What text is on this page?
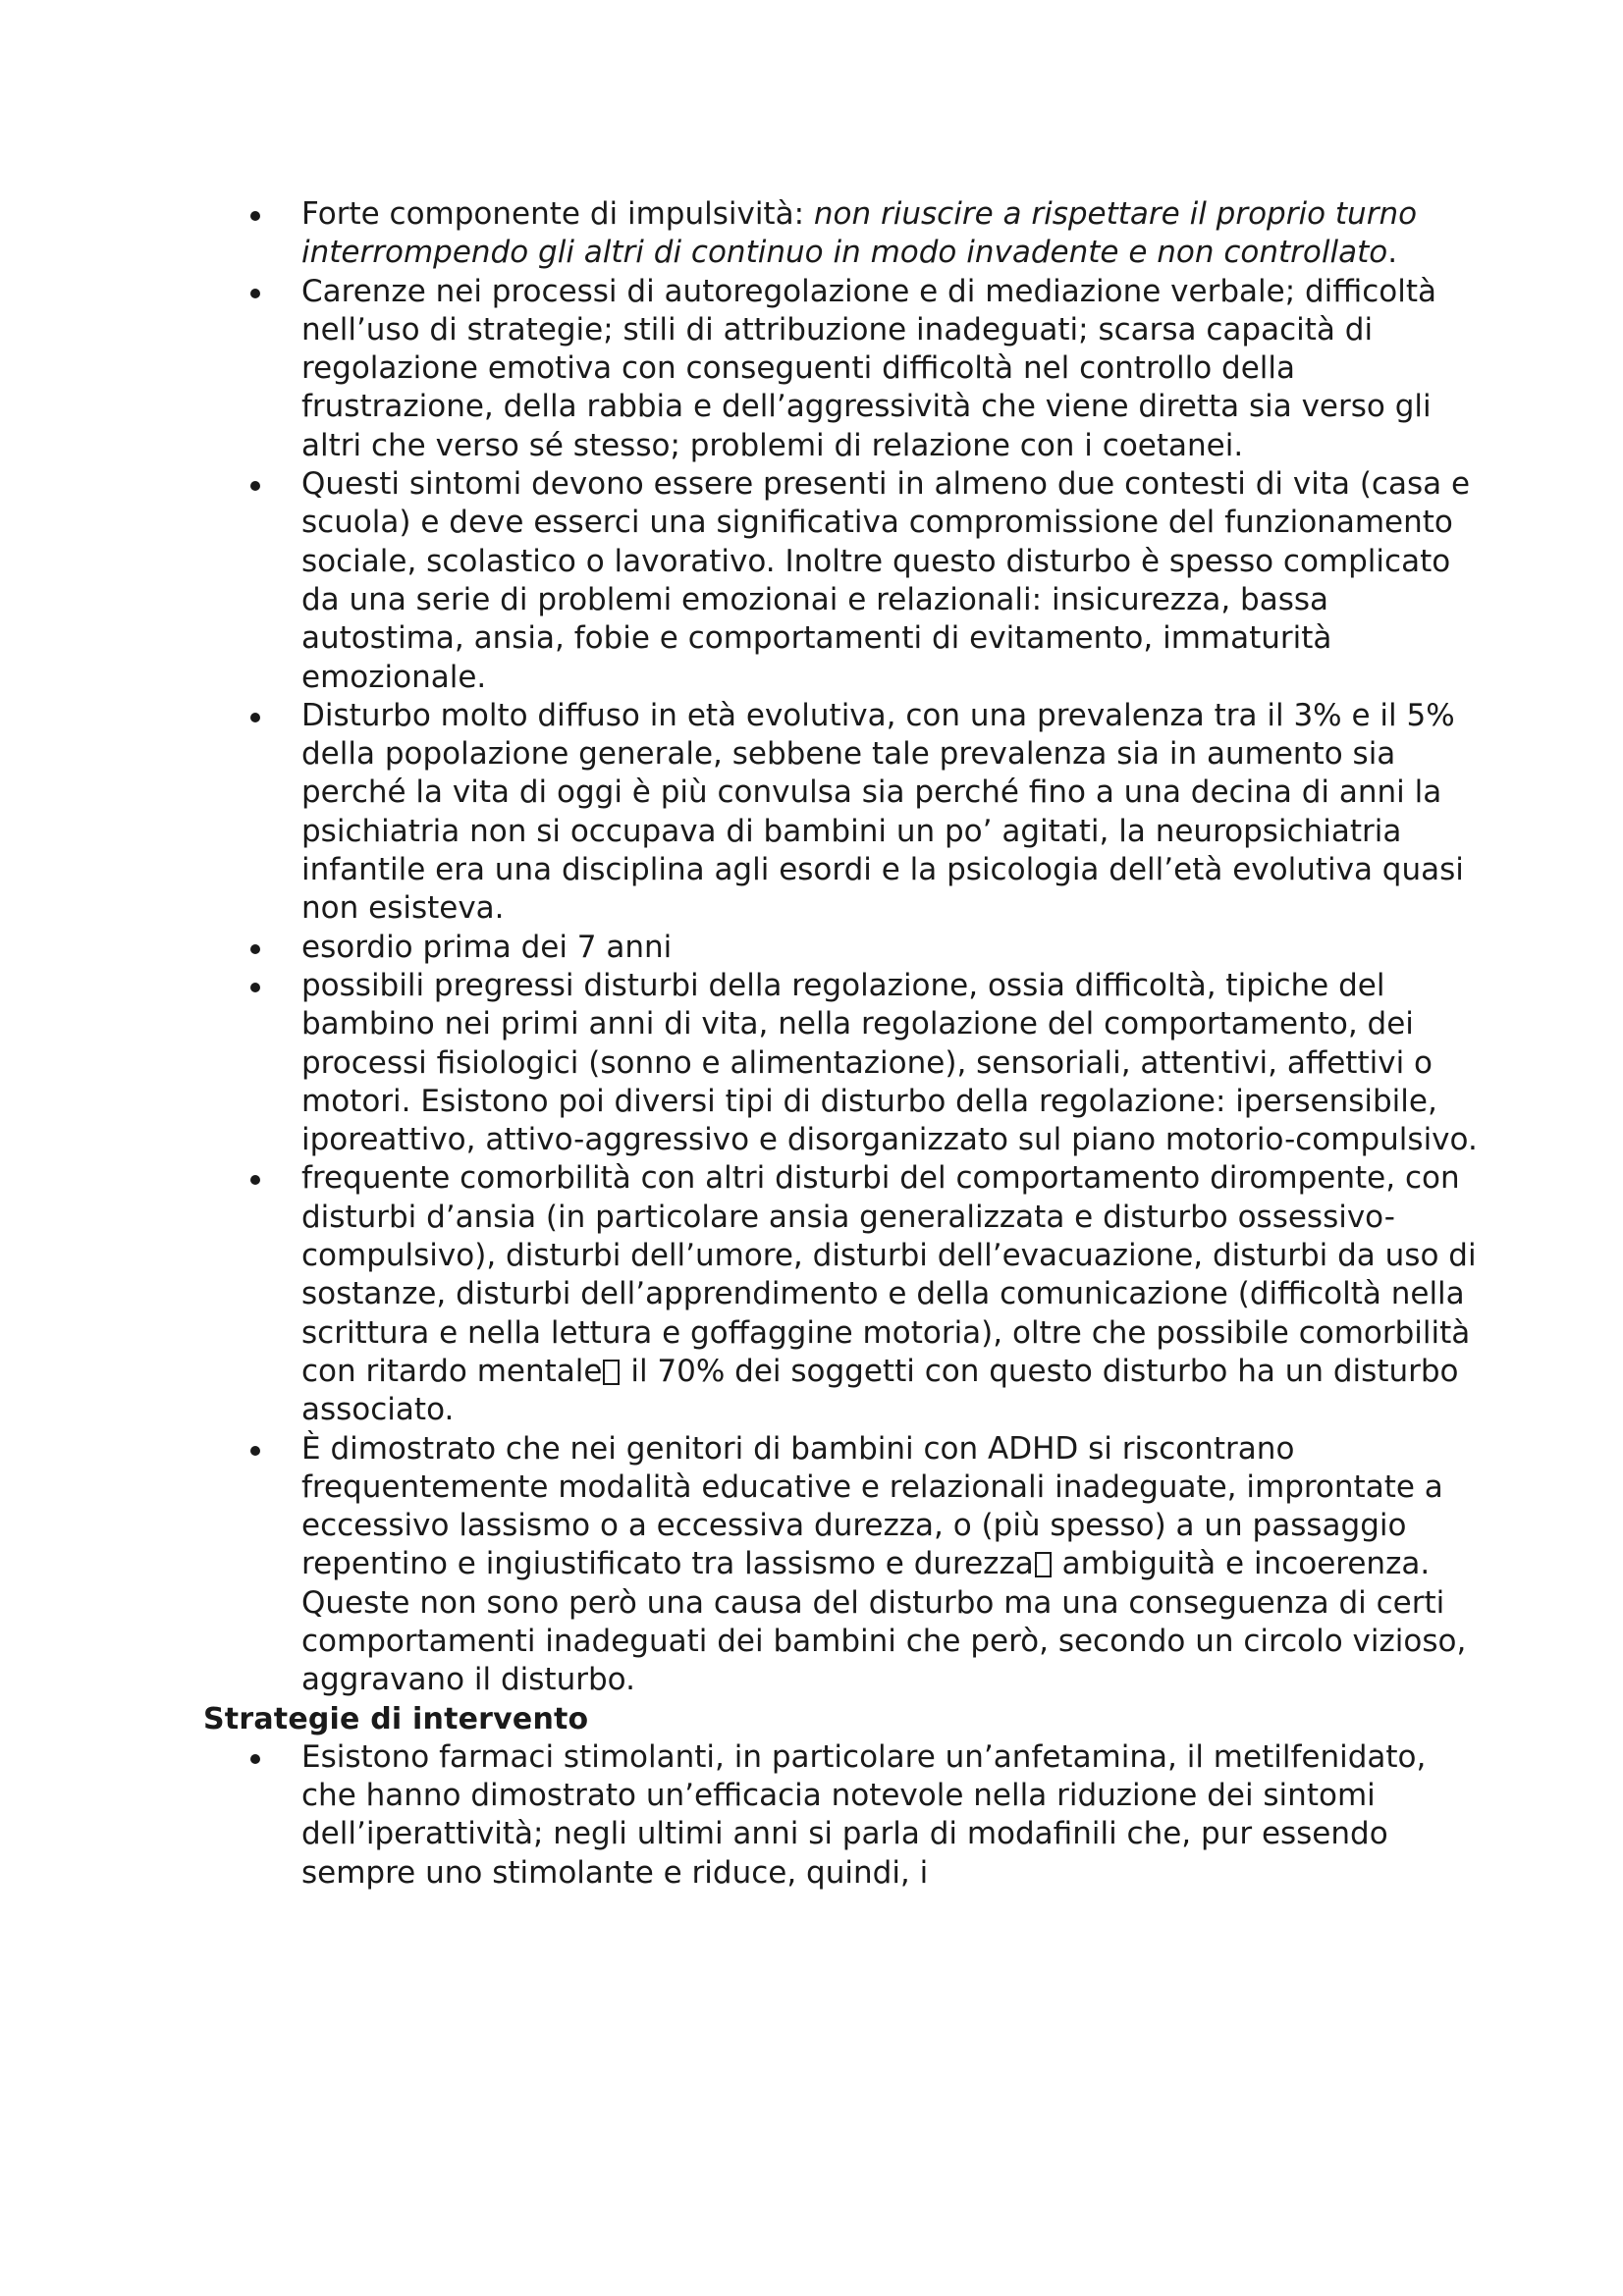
Forte componente di impulsività: non riuscire a rispettare il proprio turno interrompendo gli altri di continuo in modo invadente e non controllato.
Carenze nei processi di autoregolazione e di mediazione verbale; difficoltà nell’uso di strategie; stili di attribuzione inadeguati; scarsa capacità di regolazione emotiva con conseguenti difficoltà nel controllo della frustrazione, della rabbia e dell’aggressività che viene diretta sia verso gli altri che verso sé stesso; problemi di relazione con i coetanei.
Questi sintomi devono essere presenti in almeno due contesti di vita (casa e scuola) e deve esserci una significativa compromissione del funzionamento sociale, scolastico o lavorativo. Inoltre questo disturbo è spesso complicato da una serie di problemi emozionai e relazionali: insicurezza, bassa autostima, ansia, fobie e comportamenti di evitamento, immaturità emozionale.
Disturbo molto diffuso in età evolutiva, con una prevalenza tra il 3% e il 5% della popolazione generale, sebbene tale prevalenza sia in aumento sia perché la vita di oggi è più convulsa sia perché fino a una decina di anni la psichiatria non si occupava di bambini un po’ agitati, la neuropsichiatria infantile era una disciplina agli esordi e la psicologia dell’età evolutiva quasi non esisteva.
esordio prima dei 7 anni
possibili pregressi disturbi della regolazione, ossia difficoltà, tipiche del bambino nei primi anni di vita, nella regolazione del comportamento, dei processi fisiologici (sonno e alimentazione), sensoriali, attentivi, affettivi o motori. Esistono poi diversi tipi di disturbo della regolazione: ipersensibile, iporeattivo, attivo-aggressivo e disorganizzato sul piano motorio-compulsivo.
frequente comorbilità con altri disturbi del comportamento dirompente, con disturbi d’ansia (in particolare ansia generalizzata e disturbo ossessivo-compulsivo), disturbi dell’umore, disturbi dell’evacuazione, disturbi da uso di sostanze, disturbi dell’apprendimento e della comunicazione (difficoltà nella scrittura e nella lettura e goffaggine motoria), oltre che possibile comorbilità con ritardo mentale il 70% dei soggetti con questo disturbo ha un disturbo associato.
È dimostrato che nei genitori di bambini con ADHD si riscontrano frequentemente modalità educative e relazionali inadeguate, improntate a eccessivo lassismo o a eccessiva durezza, o (più spesso) a un passaggio repentino e ingiustificato tra lassismo e durezza ambiguità e incoerenza. Queste non sono però una causa del disturbo ma una conseguenza di certi comportamenti inadeguati dei bambini che però, secondo un circolo vizioso, aggravano il disturbo.

Strategie di intervento

Esistono farmaci stimolanti, in particolare un’anfetamina, il metilfenidato, che hanno dimostrato un’efficacia notevole nella riduzione dei sintomi dell’iperattività; negli ultimi anni si parla di modafinili che, pur essendo sempre uno stimolante e riduce, quindi, i
